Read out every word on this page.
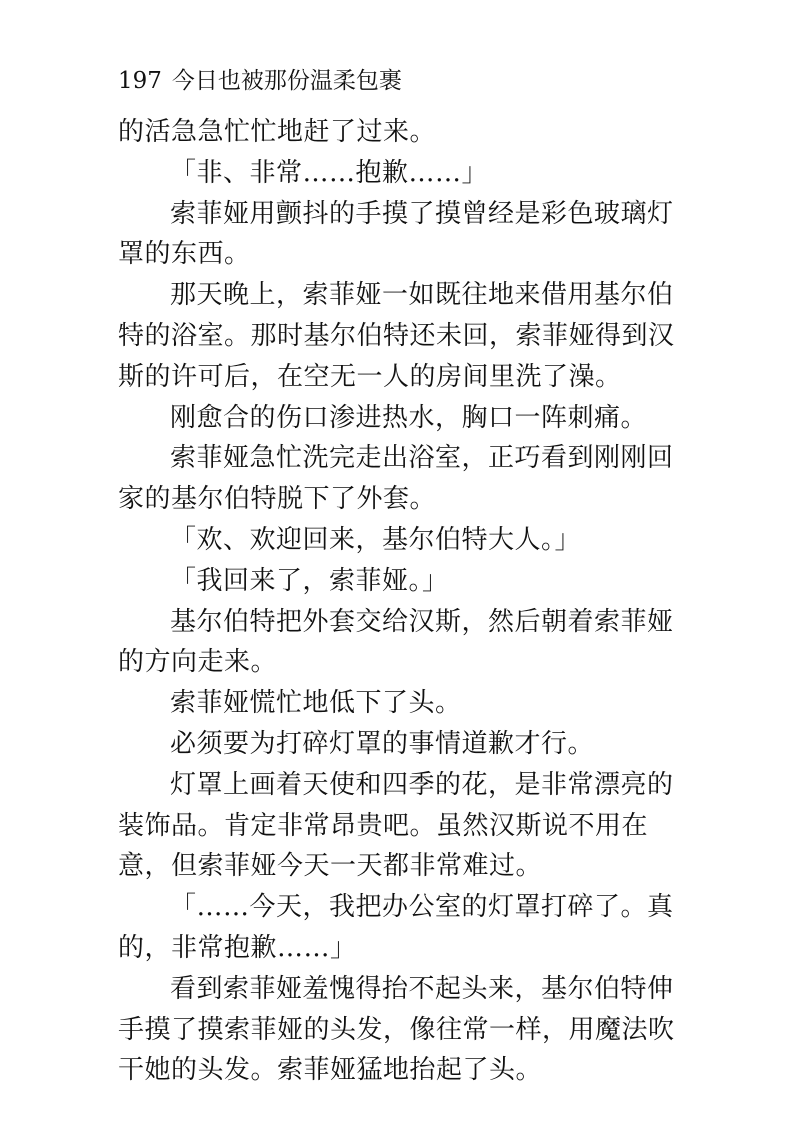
197 今日也被那份温柔包裹

的活急急忙忙地赶了过来。

「非、非常……抱歉……」

索菲娅用颤抖的手摸了摸曾经是彩色玻璃灯罩的东西。

那天晚上，索菲娅一如既往地来借用基尔伯特的浴室。那时基尔伯特还未回，索菲娅得到汉斯的许可后，在空无一人的房间里洗了澡。

刚愈合的伤口渗进热水，胸口一阵刺痛。

索菲娅急忙洗完走出浴室，正巧看到刚刚回家的基尔伯特脱下了外套。

「欢、欢迎回来，基尔伯特大人。」

「我回来了，索菲娅。」

基尔伯特把外套交给汉斯，然后朝着索菲娅的方向走来。

索菲娅慌忙地低下了头。

必须要为打碎灯罩的事情道歉才行。

灯罩上画着天使和四季的花，是非常漂亮的装饰品。肯定非常昂贵吧。虽然汉斯说不用在意，但索菲娅今天一天都非常难过。

「……今天，我把办公室的灯罩打碎了。真的，非常抱歉……」

看到索菲娅羞愧得抬不起头来，基尔伯特伸手摸了摸索菲娅的头发，像往常一样，用魔法吹干她的头发。索菲娅猛地抬起了头。
